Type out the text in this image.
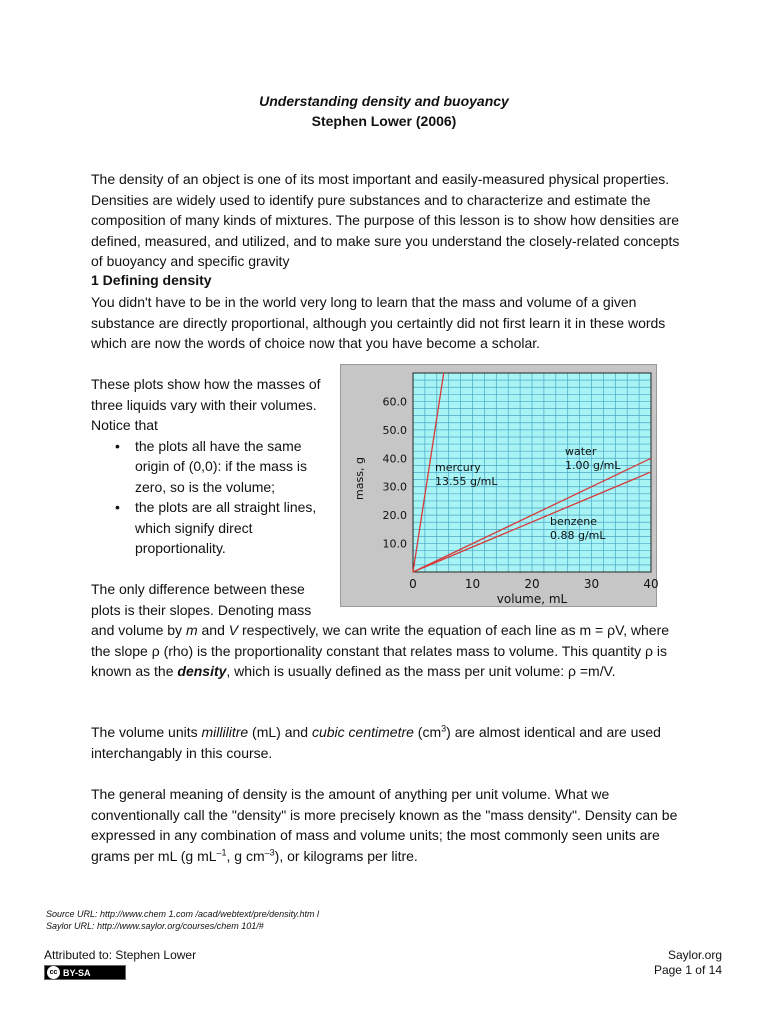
Understanding density and buoyancy
Stephen Lower (2006)
The density of an object is one of its most important and easily-measured physical properties. Densities are widely used to identify pure substances and to characterize and estimate the composition of many kinds of mixtures. The purpose of this lesson is to show how densities are defined, measured, and utilized, and to make sure you understand the closely-related concepts of buoyancy and specific gravity
1 Defining density
You didn't have to be in the world very long to learn that the mass and volume of a given substance are directly proportional, although you certaintly did not first learn it in these words which are now the words of choice now that you have become a scholar.
These plots show how the masses of three liquids vary with their volumes. Notice that
• the plots all have the same origin of (0,0): if the mass is zero, so is the volume;
• the plots are all straight lines, which signify direct proportionality.
The only difference between these plots is their slopes. Denoting mass
and volume by m and V respectively, we can write the equation of each line as m = ρV, where the slope ρ (rho) is the proportionality constant that relates mass to volume. This quantity ρ is known as the density, which is usually defined as the mass per unit volume: ρ =m/V.
The volume units millilitre (mL) and cubic centimetre $(cm^3)$ are almost identical and are used interchangably in this course.
The general meaning of density is the amount of anything per unit volume. What we conventionally call the "density" is more precisely known as the "mass density". Density can be expressed in any combination of mass and volume units; the most commonly seen units are grams per mL (g $mL^{-1}$, g $cm^{-3}$), or kilograms per litre.
0	10	20	30	40
10.0
20.0
30.0
40.0
50.0
60.0
volume, mL
mass, g	mercury
13.55 g/mL
water
1.00 g/mL
benzene
0.88 g/mL
Source URL: http://www.chem 1.com /acad/webtext/pre/density.htm l
Saylor URL: http://www.saylor.org/courses/chem 101/#
Attributed to: Stephen Lower
cc BY-SA
Saylor.org
Page 1 of 14
